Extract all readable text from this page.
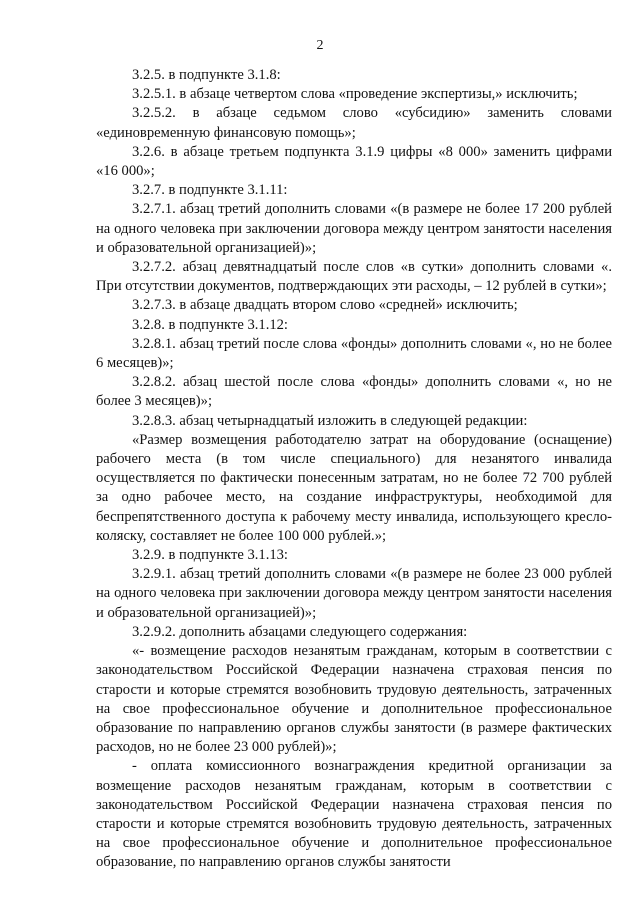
2

3.2.5. в подпункте 3.1.8:

3.2.5.1. в абзаце четвертом слова «проведение экспертизы,» исключить;

3.2.5.2. в абзаце седьмом слово «субсидию» заменить словами «единовременную финансовую помощь»;

3.2.6. в абзаце третьем подпункта 3.1.9 цифры «8 000» заменить цифрами «16 000»;

3.2.7. в подпункте 3.1.11:

3.2.7.1. абзац третий дополнить словами «(в размере не более 17 200 рублей на одного человека при заключении договора между центром занятости населения и образовательной организацией)»;

3.2.7.2. абзац девятнадцатый после слов «в сутки» дополнить словами «. При отсутствии документов, подтверждающих эти расходы, – 12 рублей в сутки»;

3.2.7.3. в абзаце двадцать втором слово «средней» исключить;

3.2.8. в подпункте 3.1.12:

3.2.8.1. абзац третий после слова «фонды» дополнить словами «, но не более 6 месяцев)»;

3.2.8.2. абзац шестой после слова «фонды» дополнить словами «, но не более 3 месяцев)»;

3.2.8.3. абзац четырнадцатый изложить в следующей редакции:

«Размер возмещения работодателю затрат на оборудование (оснащение) рабочего места (в том числе специального) для незанятого инвалида осуществляется по фактически понесенным затратам, но не более 72 700 рублей за одно рабочее место, на создание инфраструктуры, необходимой для беспрепятственного доступа к рабочему месту инвалида, использующего кресло-коляску, составляет не более 100 000 рублей.»;

3.2.9. в подпункте 3.1.13:

3.2.9.1. абзац третий дополнить словами «(в размере не более 23 000 рублей на одного человека при заключении договора между центром занятости населения и образовательной организацией)»;

3.2.9.2. дополнить абзацами следующего содержания:

«- возмещение расходов незанятым гражданам, которым в соответствии с законодательством Российской Федерации назначена страховая пенсия по старости и которые стремятся возобновить трудовую деятельность, затраченных на свое профессиональное обучение и дополнительное профессиональное образование по направлению органов службы занятости (в размере фактических расходов, но не более 23 000 рублей)»;

- оплата комиссионного вознаграждения кредитной организации за возмещение расходов незанятым гражданам, которым в соответствии с законодательством Российской Федерации назначена страховая пенсия по старости и которые стремятся возобновить трудовую деятельность, затраченных на свое профессиональное обучение и дополнительное профессиональное образование, по направлению органов службы занятости
